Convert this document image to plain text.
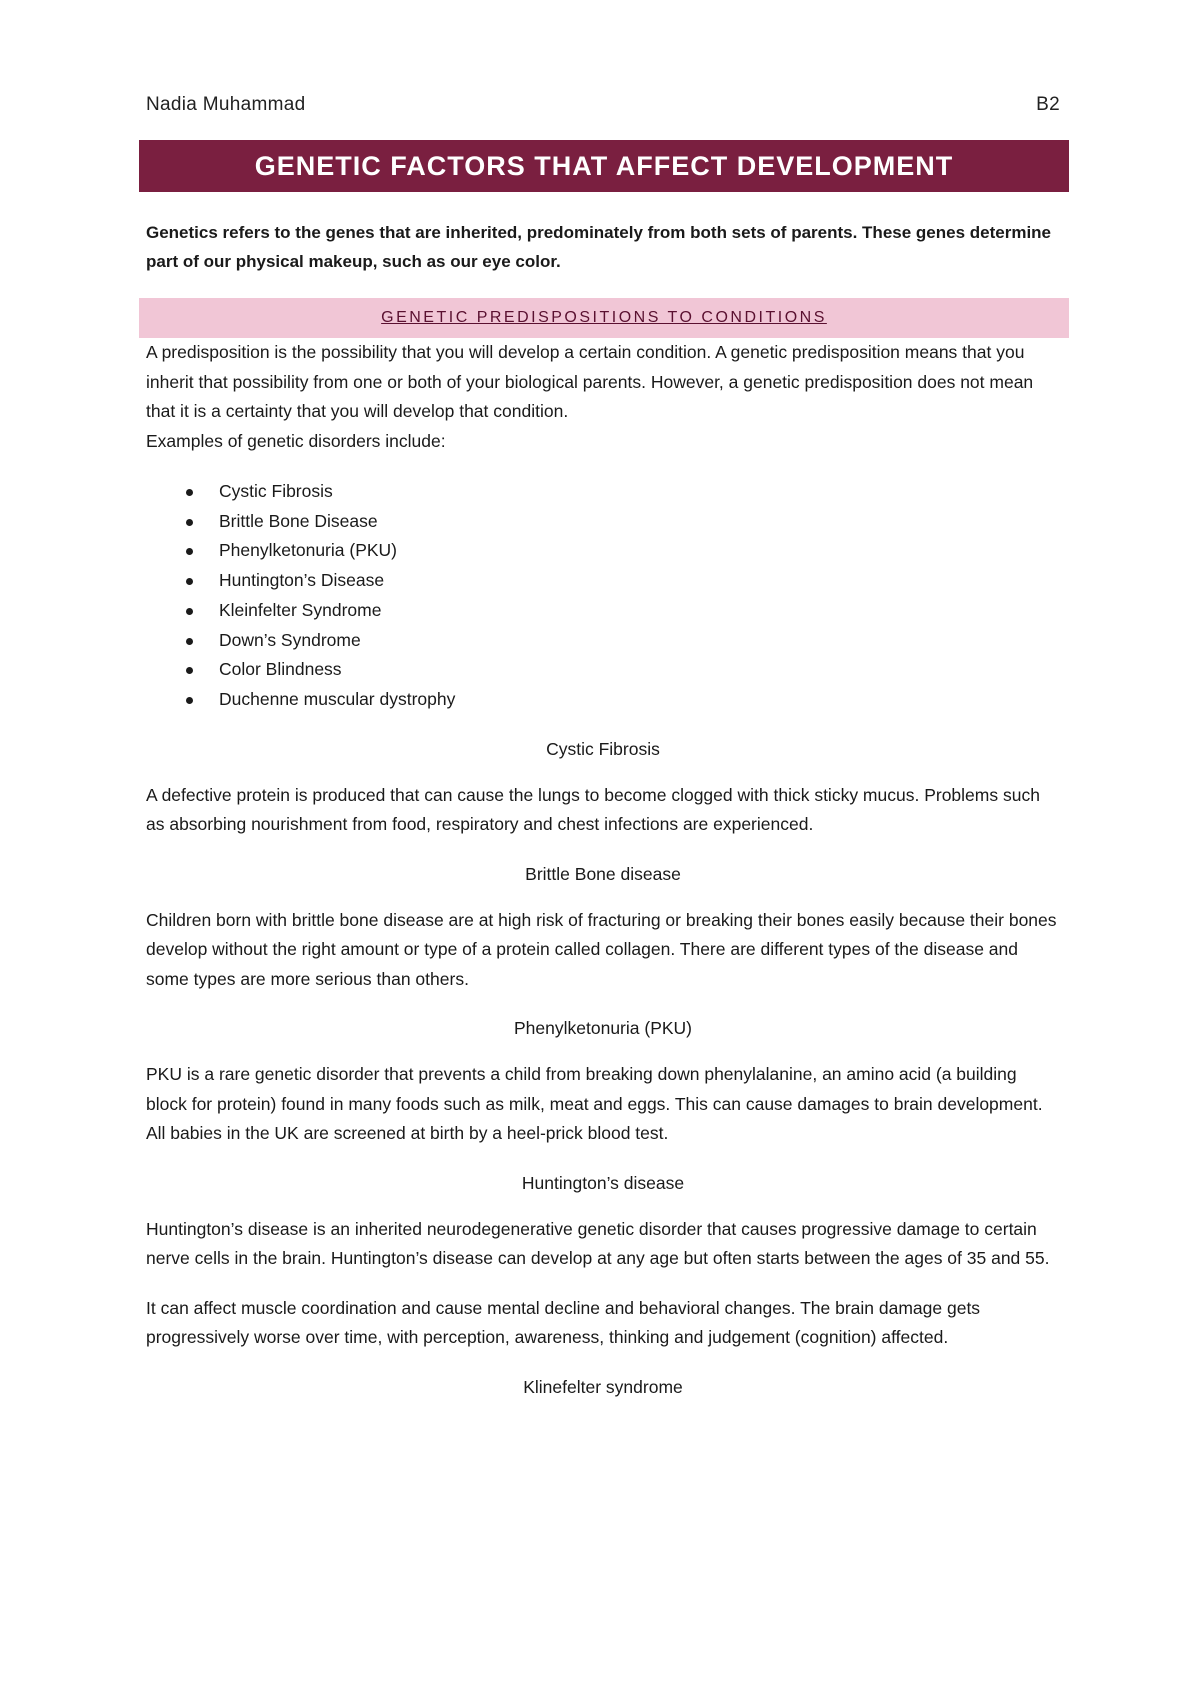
Nadia Muhammad	B2
GENETIC FACTORS THAT AFFECT DEVELOPMENT

Genetics refers to the genes that are inherited, predominately from both sets of parents. These genes determine part of our physical makeup, such as our eye color.

GENETIC PREDISPOSITIONS TO CONDITIONS

A predisposition is the possibility that you will develop a certain condition. A genetic predisposition means that you inherit that possibility from one or both of your biological parents. However, a genetic predisposition does not mean that it is a certainty that you will develop that condition.

Examples of genetic disorders include:

Cystic Fibrosis
Brittle Bone Disease
Phenylketonuria (PKU)
Huntington’s Disease
Kleinfelter Syndrome
Down’s Syndrome
Color Blindness
Duchenne muscular dystrophy
Cystic Fibrosis

A defective protein is produced that can cause the lungs to become clogged with thick sticky mucus. Problems such as absorbing nourishment from food, respiratory and chest infections are experienced.

Brittle Bone disease

Children born with brittle bone disease are at high risk of fracturing or breaking their bones easily because their bones develop without the right amount or type of a protein called collagen. There are different types of the disease and some types are more serious than others.

Phenylketonuria (PKU)

PKU is a rare genetic disorder that prevents a child from breaking down phenylalanine, an amino acid (a building block for protein) found in many foods such as milk, meat and eggs. This can cause damages to brain development. All babies in the UK are screened at birth by a heel-prick blood test.

Huntington’s disease

Huntington’s disease is an inherited neurodegenerative genetic disorder that causes progressive damage to certain nerve cells in the brain. Huntington’s disease can develop at any age but often starts between the ages of 35 and 55.

It can affect muscle coordination and cause mental decline and behavioral changes. The brain damage gets progressively worse over time, with perception, awareness, thinking and judgement (cognition) affected.

Klinefelter syndrome
